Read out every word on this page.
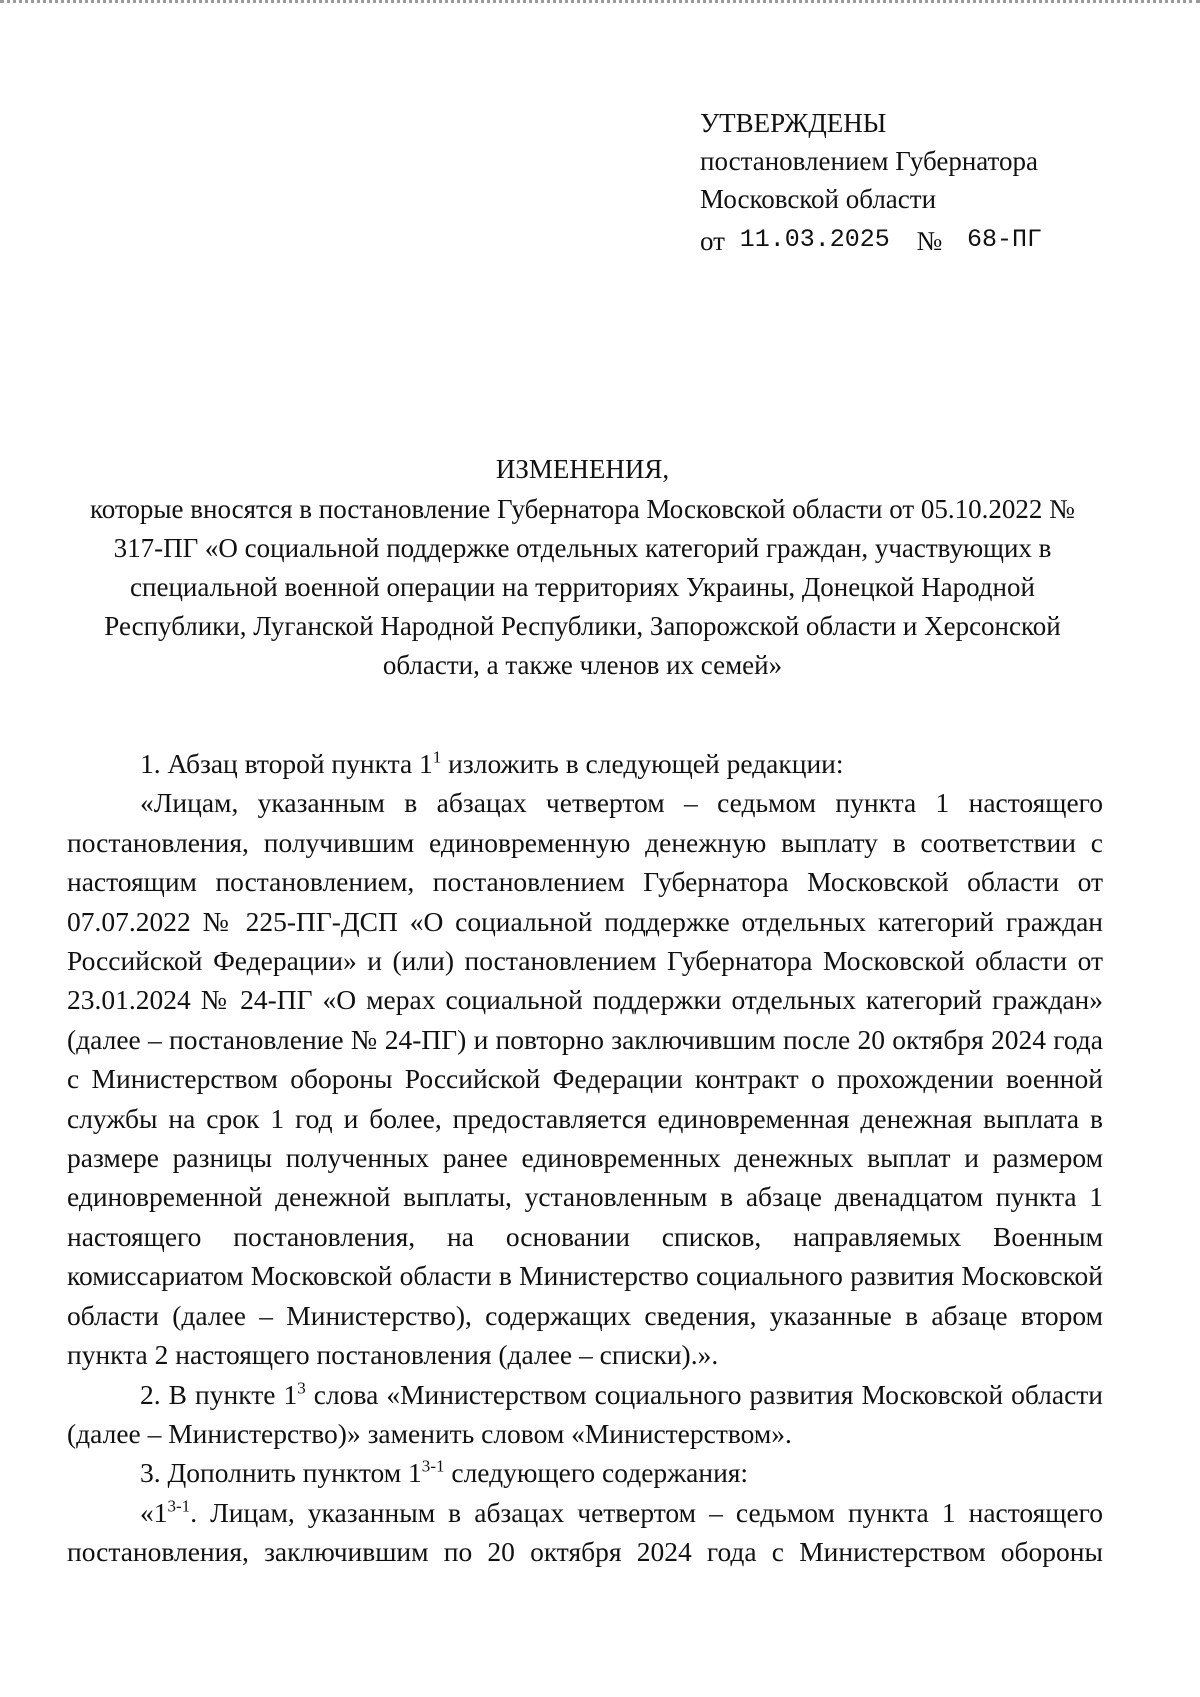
УТВЕРЖДЕНЫ
постановлением Губернатора
Московской области
от 11.03.2025 № 68-ПГ
ИЗМЕНЕНИЯ,
которые вносятся в постановление Губернатора Московской области от 05.10.2022 № 317-ПГ «О социальной поддержке отдельных категорий граждан, участвующих в специальной военной операции на территориях Украины, Донецкой Народной Республики, Луганской Народной Республики, Запорожской области и Херсонской области, а также членов их семей»

1. Абзац второй пункта $1^1$ изложить в следующей редакции:

«Лицам, указанным в абзацах четвертом – седьмом пункта 1 настоящего постановления, получившим единовременную денежную выплату в соответствии с настоящим постановлением, постановлением Губернатора Московской области от 07.07.2022 № 225-ПГ-ДСП «О социальной поддержке отдельных категорий граждан Российской Федерации» и (или) постановлением Губернатора Московской области от 23.01.2024 № 24-ПГ «О мерах социальной поддержки отдельных категорий граждан» (далее – постановление № 24-ПГ) и повторно заключившим после 20 октября 2024 года с Министерством обороны Российской Федерации контракт о прохождении военной службы на срок 1 год и более, предоставляется единовременная денежная выплата в размере разницы полученных ранее единовременных денежных выплат и размером единовременной денежной выплаты, установленным в абзаце двенадцатом пункта 1 настоящего постановления, на основании списков, направляемых Военным комиссариатом Московской области в Министерство социального развития Московской области (далее – Министерство), содержащих сведения, указанные в абзаце втором пункта 2 настоящего постановления (далее – списки).».

2. В пункте $1^3$ слова «Министерством социального развития Московской области (далее – Министерство)» заменить словом «Министерством».

3. Дополнить пунктом 1$^{3-1}$ следующего содержания:

«1$^{3-1}$. Лицам, указанным в абзацах четвертом – седьмом пункта 1 настоящего постановления, заключившим по 20 октября 2024 года с Министерством обороны
